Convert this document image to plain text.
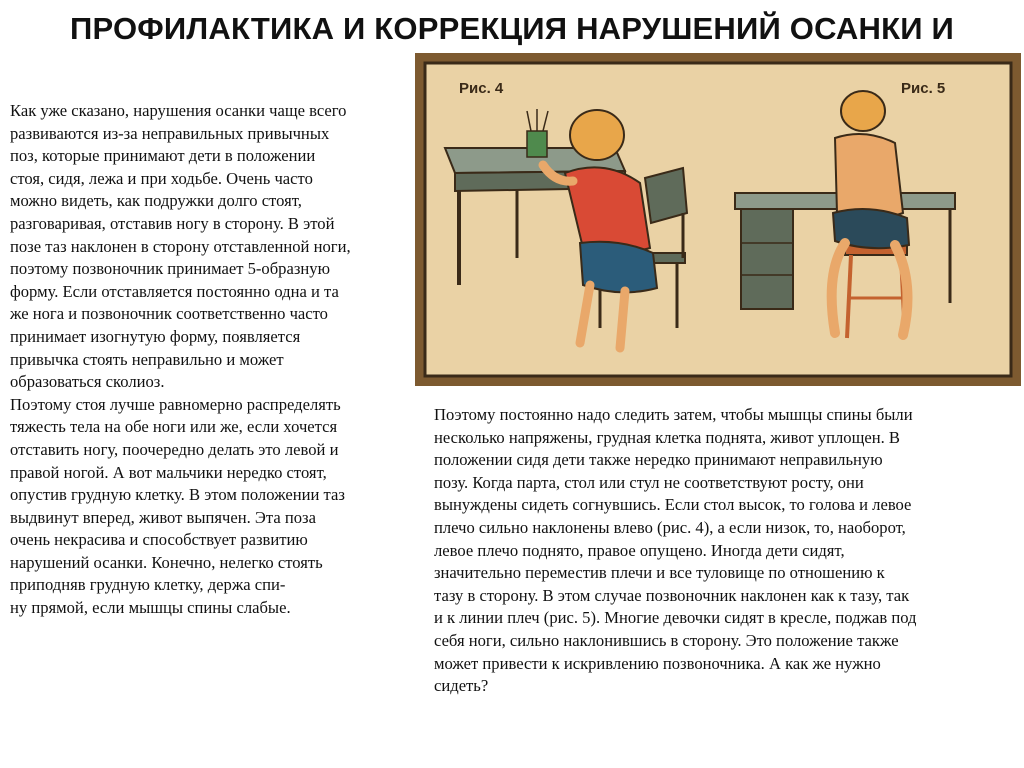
ПРОФИЛАКТИКА И КОРРЕКЦИЯ НАРУШЕНИЙ ОСАНКИ И
Как уже сказано, нарушения осанки чаще всего
развиваются из-за неправильных привычных
поз, которые принимают дети в положении
стоя, сидя, лежа и при ходьбе. Очень часто
можно видеть, как подружки долго стоят,
разговаривая, отставив ногу в сторону. В этой
позе таз наклонен в сторону отставленной ноги,
поэтому позвоночник принимает 5-образную
форму. Если отставляется постоянно одна и та
же нога и позвоночник соответственно часто
принимает изогнутую форму, появляется
привычка стоять неправильно и может
образоваться сколиоз.
Поэтому стоя лучше равномерно распределять
тяжесть тела на обе ноги или же, если хочется
отставить ногу, поочередно делать это левой и
правой ногой. А вот мальчики нередко стоят,
опустив грудную клетку. В этом положении таз
выдвинут вперед, живот выпячен. Эта поза
очень некрасива и способствует развитию
нарушений осанки. Конечно, нелегко стоять
приподняв грудную клетку, держа спи-
ну прямой, если мышцы спины слабые.
Рис. 4	Рис. 5
Поэтому постоянно надо следить затем, чтобы мышцы спины были
несколько напряжены, грудная клетка поднята, живот уплощен. В
положении сидя дети также нередко принимают неправильную
позу. Когда парта, стол или стул не соответствуют росту, они
вынуждены сидеть согнувшись. Если стол высок, то голова и левое
плечо сильно наклонены влево (рис. 4), а если низок, то, наоборот,
левое плечо поднято, правое опущено. Иногда дети сидят,
значительно переместив плечи и все туловище по отношению к
тазу в сторону. В этом случае позвоночник наклонен как к тазу, так
и к линии плеч (рис. 5). Многие девочки сидят в кресле, поджав под
себя ноги, сильно наклонившись в сторону. Это положение также
может привести к искривлению позвоночника. А как же нужно
сидеть?
